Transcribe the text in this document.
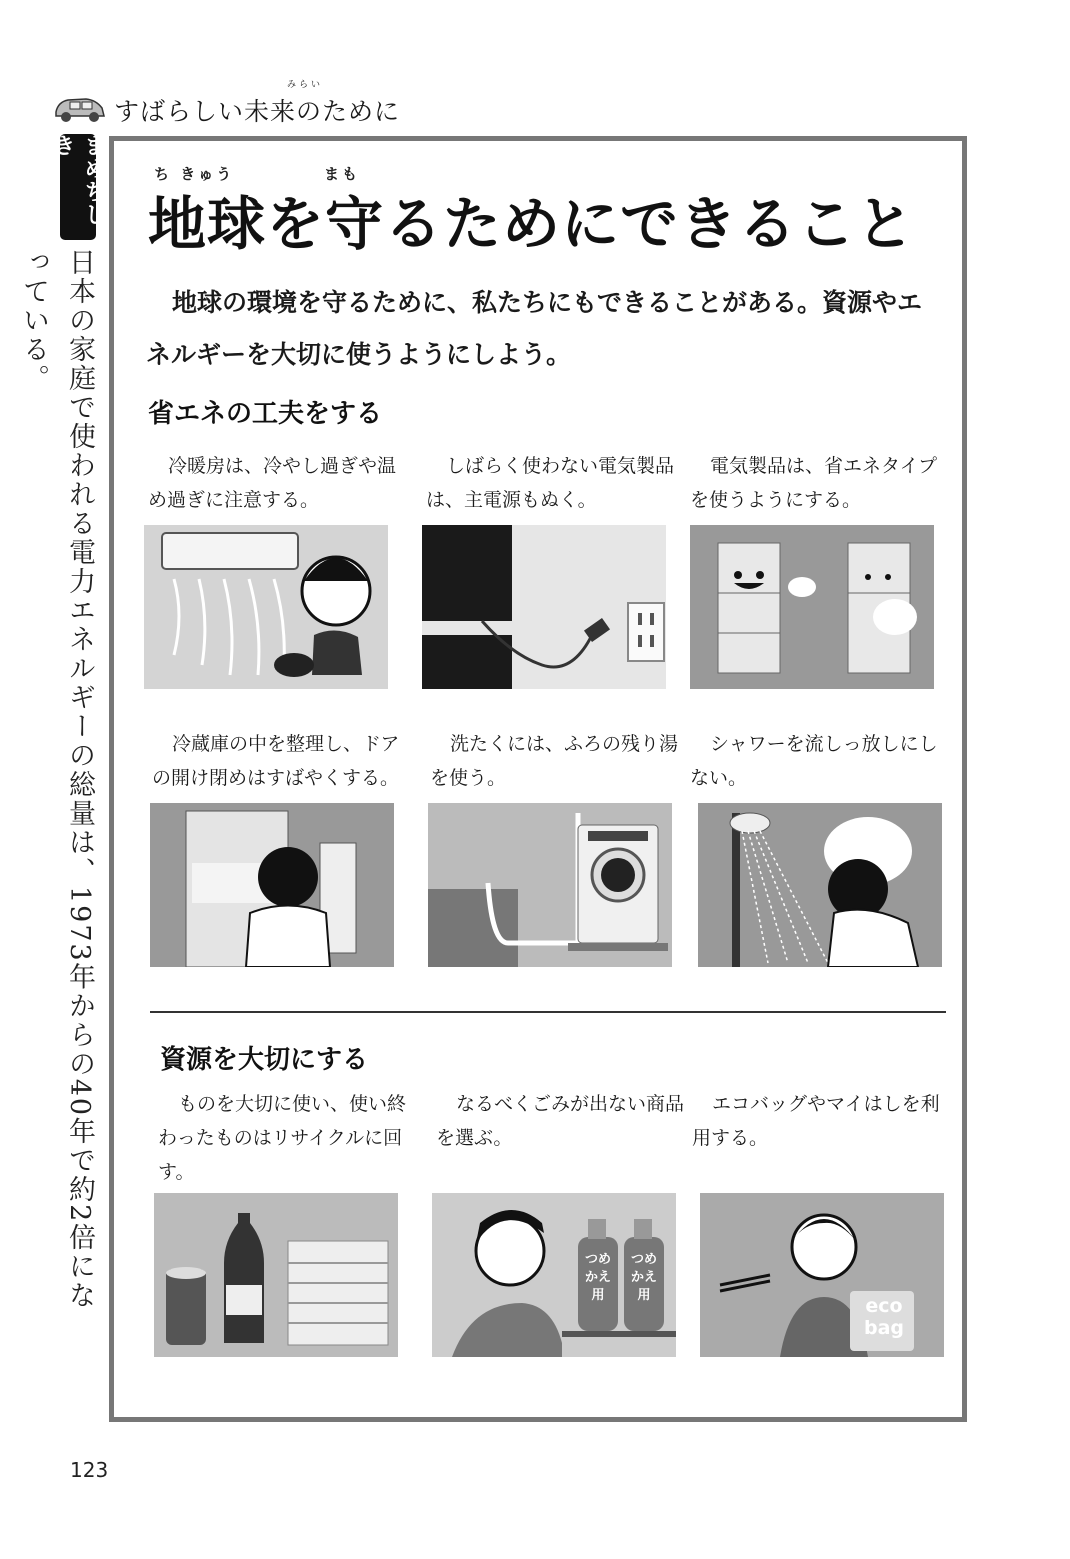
みらい
すばらしい未来のために
まめちしき
日本の家庭で使われる電力エネルギーの総量は、1973年からの40年で約2倍になっている。
ち きゅう	まも
地球を守るためにできること
地球の環境を守るために、私たちにもできることがある。資源やエネルギーを大切に使うようにしよう。
省エネの工夫をする
冷暖房は、冷やし過ぎや温め過ぎに注意する。
しばらく使わない電気製品は、主電源もぬく。
電気製品は、省エネタイプを使うようにする。
冷蔵庫の中を整理し、ドアの開け閉めはすばやくする。
洗たくには、ふろの残り湯を使う。
シャワーを流しっ放しにしない。
資源を大切にする
ものを大切に使い、使い終わったものはリサイクルに回す。
なるべくごみが出ない商品を選ぶ。
エコバッグやマイはしを利用する。
つめ かえ用
つめ かえ用	eco
bag
123
